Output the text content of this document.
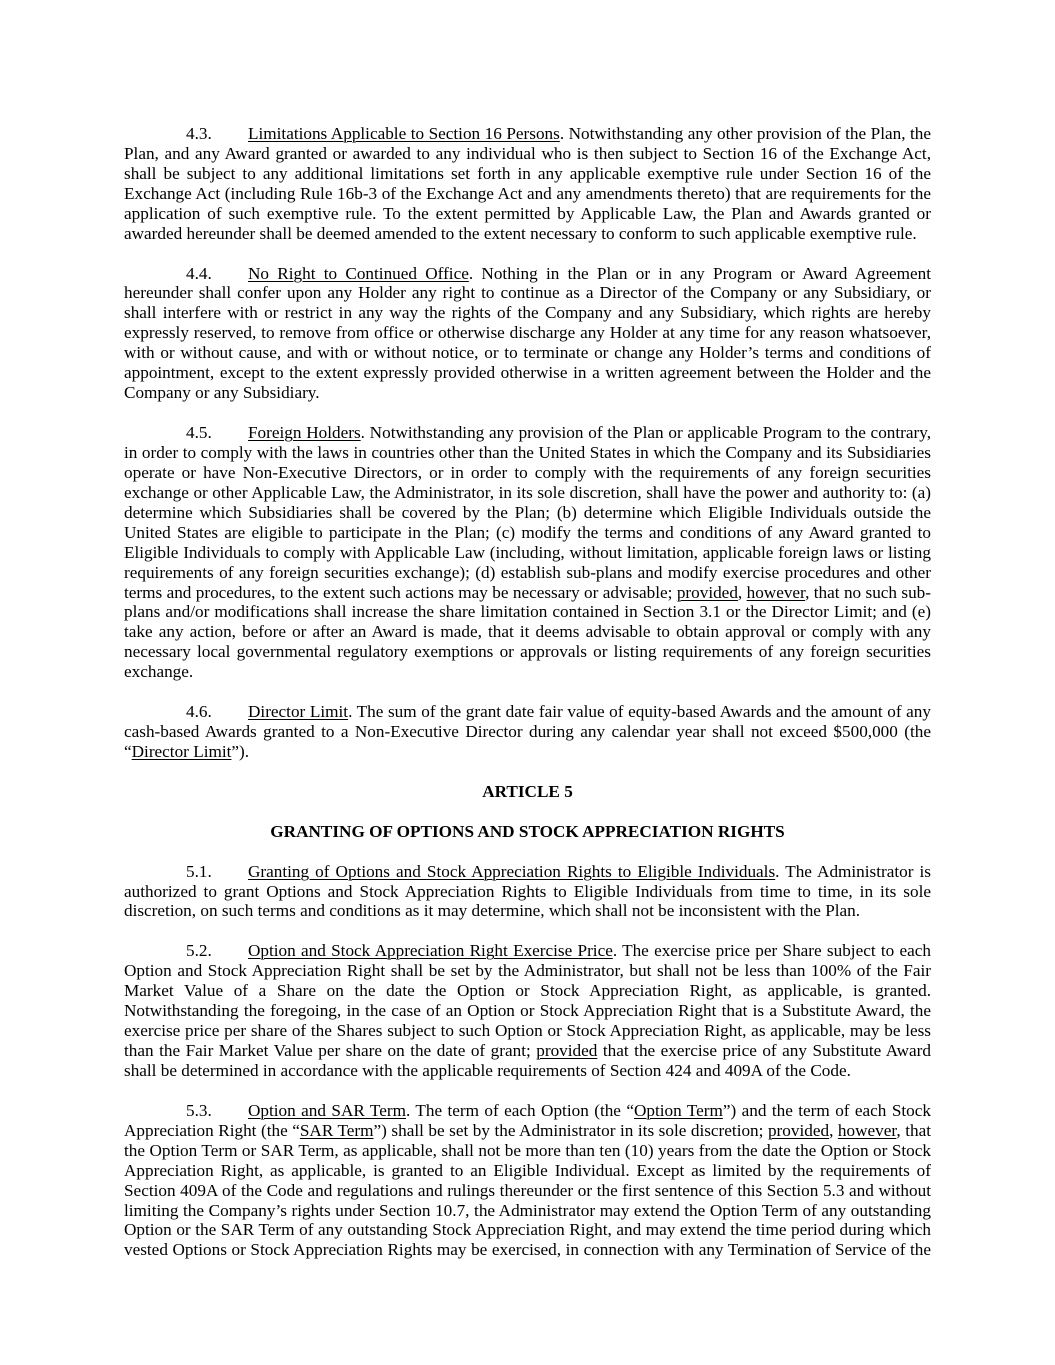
4.3. Limitations Applicable to Section 16 Persons. Notwithstanding any other provision of the Plan, the Plan, and any Award granted or awarded to any individual who is then subject to Section 16 of the Exchange Act, shall be subject to any additional limitations set forth in any applicable exemptive rule under Section 16 of the Exchange Act (including Rule 16b-3 of the Exchange Act and any amendments thereto) that are requirements for the application of such exemptive rule. To the extent permitted by Applicable Law, the Plan and Awards granted or awarded hereunder shall be deemed amended to the extent necessary to conform to such applicable exemptive rule.

4.4. No Right to Continued Office. Nothing in the Plan or in any Program or Award Agreement hereunder shall confer upon any Holder any right to continue as a Director of the Company or any Subsidiary, or shall interfere with or restrict in any way the rights of the Company and any Subsidiary, which rights are hereby expressly reserved, to remove from office or otherwise discharge any Holder at any time for any reason whatsoever, with or without cause, and with or without notice, or to terminate or change any Holder’s terms and conditions of appointment, except to the extent expressly provided otherwise in a written agreement between the Holder and the Company or any Subsidiary.

4.5. Foreign Holders. Notwithstanding any provision of the Plan or applicable Program to the contrary, in order to comply with the laws in countries other than the United States in which the Company and its Subsidiaries operate or have Non-Executive Directors, or in order to comply with the requirements of any foreign securities exchange or other Applicable Law, the Administrator, in its sole discretion, shall have the power and authority to: (a) determine which Subsidiaries shall be covered by the Plan; (b) determine which Eligible Individuals outside the United States are eligible to participate in the Plan; (c) modify the terms and conditions of any Award granted to Eligible Individuals to comply with Applicable Law (including, without limitation, applicable foreign laws or listing requirements of any foreign securities exchange); (d) establish sub-plans and modify exercise procedures and other terms and procedures, to the extent such actions may be necessary or advisable; provided, however, that no such sub-plans and/or modifications shall increase the share limitation contained in Section 3.1 or the Director Limit; and (e) take any action, before or after an Award is made, that it deems advisable to obtain approval or comply with any necessary local governmental regulatory exemptions or approvals or listing requirements of any foreign securities exchange.

4.6. Director Limit. The sum of the grant date fair value of equity-based Awards and the amount of any cash-based Awards granted to a Non-Executive Director during any calendar year shall not exceed $500,000 (the “Director Limit”).

ARTICLE 5

GRANTING OF OPTIONS AND STOCK APPRECIATION RIGHTS

5.1. Granting of Options and Stock Appreciation Rights to Eligible Individuals. The Administrator is authorized to grant Options and Stock Appreciation Rights to Eligible Individuals from time to time, in its sole discretion, on such terms and conditions as it may determine, which shall not be inconsistent with the Plan.

5.2. Option and Stock Appreciation Right Exercise Price. The exercise price per Share subject to each Option and Stock Appreciation Right shall be set by the Administrator, but shall not be less than 100% of the Fair Market Value of a Share on the date the Option or Stock Appreciation Right, as applicable, is granted. Notwithstanding the foregoing, in the case of an Option or Stock Appreciation Right that is a Substitute Award, the exercise price per share of the Shares subject to such Option or Stock Appreciation Right, as applicable, may be less than the Fair Market Value per share on the date of grant; provided that the exercise price of any Substitute Award shall be determined in accordance with the applicable requirements of Section 424 and 409A of the Code.

5.3. Option and SAR Term. The term of each Option (the “Option Term”) and the term of each Stock Appreciation Right (the “SAR Term”) shall be set by the Administrator in its sole discretion; provided, however, that the Option Term or SAR Term, as applicable, shall not be more than ten (10) years from the date the Option or Stock Appreciation Right, as applicable, is granted to an Eligible Individual. Except as limited by the requirements of Section 409A of the Code and regulations and rulings thereunder or the first sentence of this Section 5.3 and without limiting the Company’s rights under Section 10.7, the Administrator may extend the Option Term of any outstanding Option or the SAR Term of any outstanding Stock Appreciation Right, and may extend the time period during which vested Options or Stock Appreciation Rights may be exercised, in connection with any Termination of Service of the
